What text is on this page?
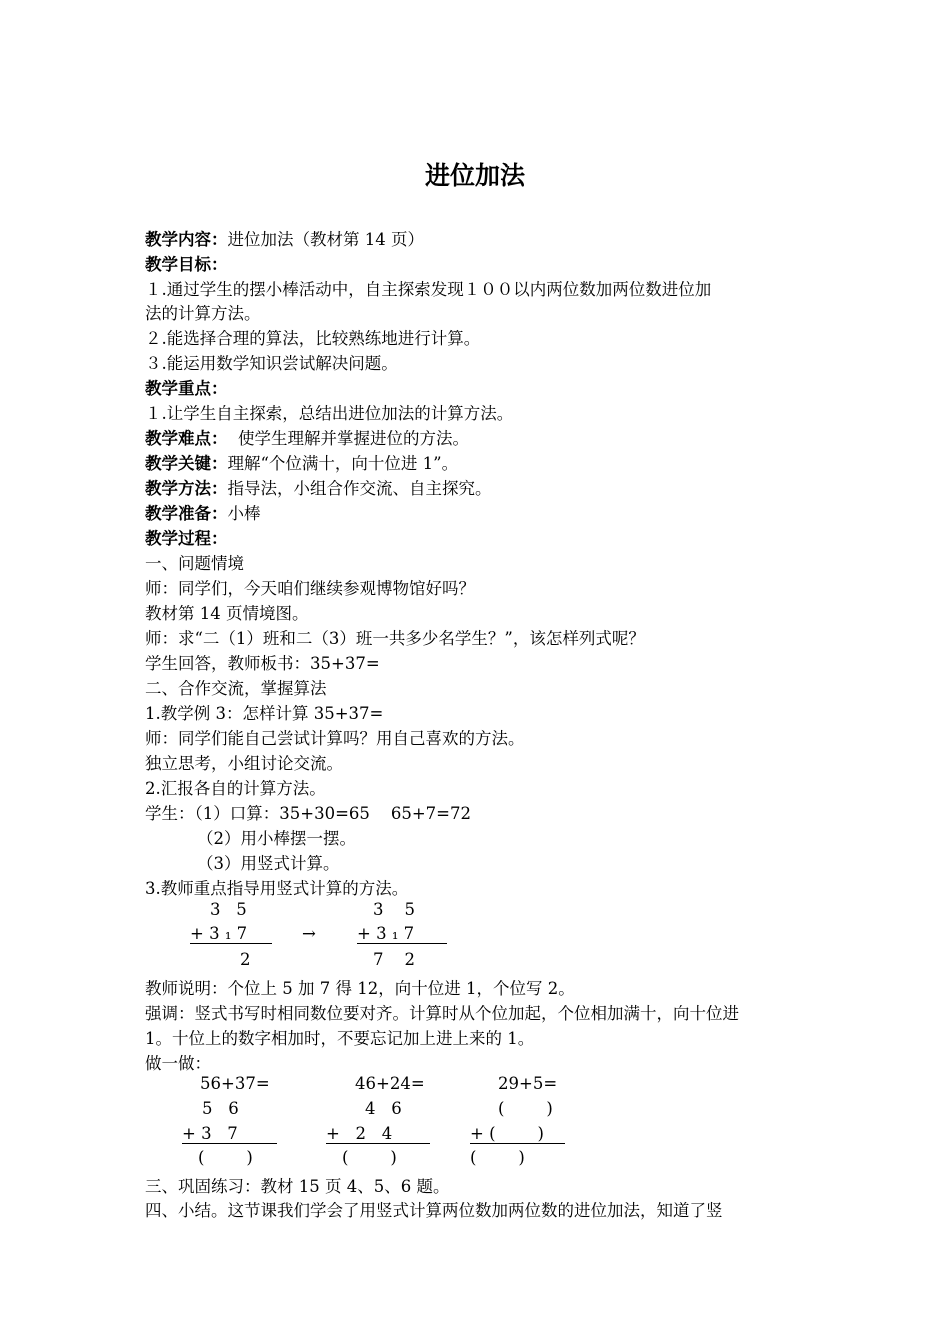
进位加法
教学内容：进位加法（教材第 14 页）
教学目标：
１.通过学生的摆小棒活动中，自主探索发现１００以内两位数加两位数进位加
法的计算方法。
２.能选择合理的算法，比较熟练地进行计算。
３.能运用数学知识尝试解决问题。
教学重点：
１.让学生自主探索，总结出进位加法的计算方法。
教学难点：  使学生理解并掌握进位的方法。
教学关键：理解“个位满十，向十位进 1”。
教学方法：指导法，小组合作交流、自主探究。
教学准备：小棒
教学过程：
一、问题情境
师：同学们，今天咱们继续参观博物馆好吗？
教材第 14 页情境图。
师：求“二（1）班和二（3）班一共多少名学生？”，该怎样列式呢？
学生回答，教师板书：35+37=
二、合作交流，掌握算法
1.教学例 3：怎样计算 35+37=
师：同学们能自己尝试计算吗？用自己喜欢的方法。
独立思考，小组讨论交流。
2.汇报各自的计算方法。
学生：（1）口算：35+30=65    65+7=72
（2）用小棒摆一摆。
（3）用竖式计算。
3.教师重点指导用竖式计算的方法。
3   5
+ 3 ₁ 7
2
→
3    5
+ 3 ₁ 7
7    2
教师说明：个位上 5 加 7 得 12，向十位进 1，个位写 2。
强调：竖式书写时相同数位要对齐。计算时从个位加起，个位相加满十，向十位进
1。十位上的数字相加时，不要忘记加上进上来的 1。
做一做：
56+37=
5   6
+ 3   7
(        )
46+24=
4   6
+   2   4
(        )
29+5=
(        )
+ (        )
(        )
三、巩固练习：教材 15 页 4、5、6 题。
四、小结。这节课我们学会了用竖式计算两位数加两位数的进位加法，知道了竖
